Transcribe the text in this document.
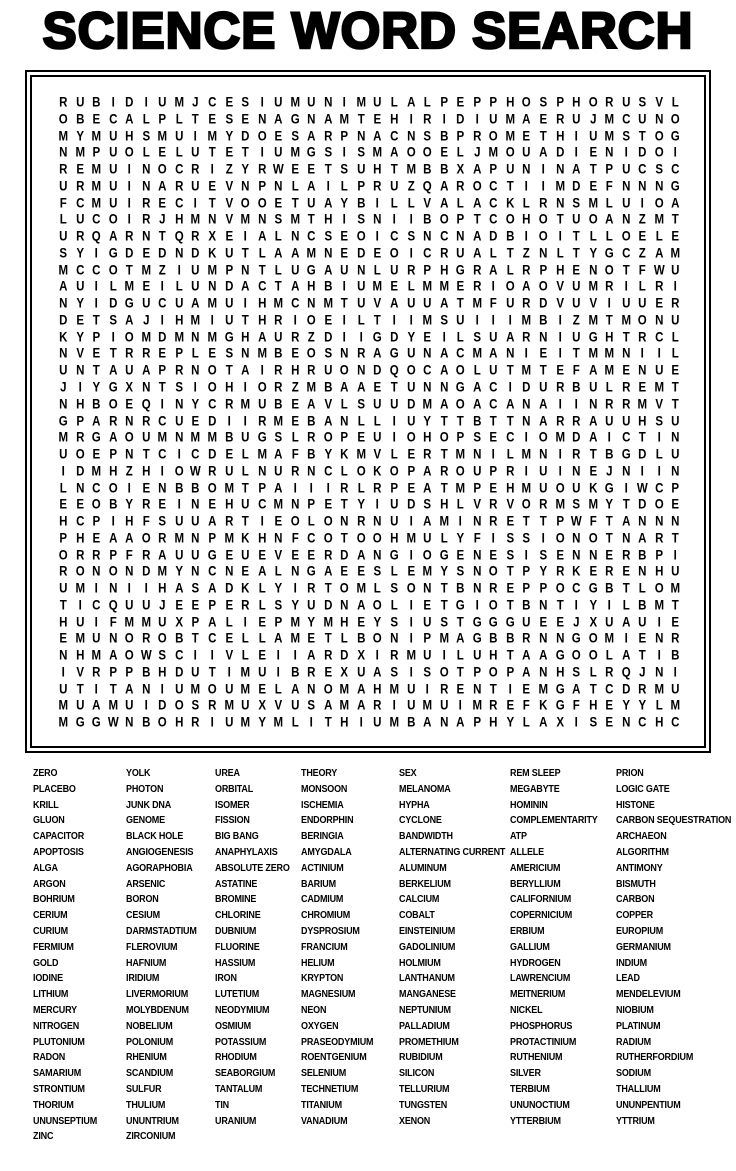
SCIENCE WORD SEARCH
R U B I D I U M J C E S I U M U N I M U L A L P E P P H O S P H O R U S V L
O B E C A L P L T E S E N A G N A M T E H I R I D I U M A E R U J M C U N O
M Y M U H S M U I M Y D O E S A R P N A C N S B P R O M E T H I U M S T O G
N M P U O L E L U T E T I U M G S I S M A O O E L J M O U A D I E N I D O I
R E M U I N O C R I Z Y R W E E T S U H T M B B X A P U N I N A T P U C S C
U R M U I N A R U E V N P N L A I L P R U Z Q A R O C T I	I M D E F N N N G
F C M U I R E C I T V O O E T U A Y B I L L V A L A C K L R N S M L U I O A
L U C O I R J H M N V M N S M T H I S N I	I B O P T C O H O T U O A N Z M T
U R Q A R N T Q R X E I A L N C S E O I C S N C N A D B I O I T L L O E L E
S Y I G D E D N D K U T L A A M N E D E O I C R U A L T Z N L T Y G C Z A M
M C C O T M Z I U M P N T L U G A U N L U R P H G R A L R P H E N O T F W U
A U I L M E I L U N D A C T A H B I U M E L M M E R I O A O V U M R I L R I
N Y I D G U C U A M U I H M C N M T U V A U U A T M F U R D V U V I U U E R
D E T S A J I H M I U T H R I O E I L T I	I M S U I	I	I M B I Z M T M O N U
K Y P I O M D M N M G H A U R Z D I	I G D Y E I L S U A R N I U G H T R C L
N V E T R R E P L E S N M B E O S N R A G U N A C M A N I E I T M M N I	I L
U N T A U A P R N O T A I R H R U O N D Q O C A O L U T M T E F A M E N U E
J I Y G X N T S I O H I O R Z M B A A E T U N N G A C I D U R B U L R E M T
N H B O E Q I N Y C R M U B E A V L S U U D M A O A C A N A I	I N R R M V T
G P A R N R C U E D I	I R M E B A N L L I U Y T T B T T N A R R A U U H S U
M R G A O U M N M M B U G S L R O P E U I O H O P S E C I O M D A I C T I N
U O E P N T C I C D E L M A F B Y K M V L E R T M N I L M N I R T B G D L U
I D M H Z H I O W R U L N U R N C L O K O P A R O U P R I U I N E J N I	I N
L N C O I E N B B O M T P A I	I	I R L R P E A T M P E H M U O U K G I W C P
E E O B Y R E I N E H U C M N P E T Y I U D S H L V R V O R M S M Y T D O E
H C P I H F S U U A R T I E O L O N R N U I A M I N R E T T P W F T A N N N
P H E A A O R M N P M K H N F C O T O O H M U L Y F I S S I O N O T N A R T
O R R P F R A U U G E U E V E E R D A N G I O G E N E S I S E N N E R B P I
R O N O N D M Y N C N E A L N G A E E S L E M Y S N O T P Y R K E R E N H U
U M I N I	I H A S A D K L Y I R T O M L S O N T B N R E P P O C G B T L O M
T I C Q U U J E E P E R L S Y U D N A O L I E T G I O T B N T I Y I L B M T
H U I F M M U X P A L I E P M Y M H E Y S I U S T G G G U E E J X U A U I E
E M U N O R O B T C E L L A M E T L B O N I P M A G B B R N N G O M I E N R
N H M A O W S C I	I V L E I	I A R D X I R M U I L U H T A A G O O L A T I B
I V R P P B H D U T I M U I B R E X U A S I S O T P O P A N H S L R Q J N I
U T I T A N I U M O U M E L A N O M A H M U I R E N T I E M G A T C D R M U
M U A M U I D O S R M U X V U S A M A R I U M U I M R E F K G F H E Y Y L M
M G G W N B O H R I U M Y M L I T H I U M B A N A P H Y L A X I S E N C H C
ZERO
PLACEBO
KRILL
GLUON
CAPACITOR
APOPTOSIS
ALGA
ARGON
BOHRIUM
CERIUM
CURIUM
FERMIUM
GOLD
IODINE
LITHIUM
MERCURY
NITROGEN
PLUTONIUM
RADON
SAMARIUM
STRONTIUM
THORIUM
UNUNSEPTIUM
ZINC
YOLK
PHOTON
JUNK DNA
GENOME
BLACK HOLE
ANGIOGENESIS
AGORAPHOBIA
ARSENIC
BORON
CESIUM
DARMSTADTIUM
FLEROVIUM
HAFNIUM
IRIDIUM
LIVERMORIUM
MOLYBDENUM
NOBELIUM
POLONIUM
RHENIUM
SCANDIUM
SULFUR
THULIUM
UNUNTRIUM
ZIRCONIUM
UREA
ORBITAL
ISOMER
FISSION
BIG BANG
ANAPHYLAXIS
ABSOLUTE ZERO
ASTATINE
BROMINE
CHLORINE
DUBNIUM
FLUORINE
HASSIUM
IRON
LUTETIUM
NEODYMIUM
OSMIUM
POTASSIUM
RHODIUM
SEABORGIUM
TANTALUM
TIN
URANIUM
THEORY
MONSOON
ISCHEMIA
ENDORPHIN
BERINGIA
AMYGDALA
ACTINIUM
BARIUM
CADMIUM
CHROMIUM
DYSPROSIUM
FRANCIUM
HELIUM
KRYPTON
MAGNESIUM
NEON
OXYGEN
PRASEODYMIUM
ROENTGENIUM
SELENIUM
TECHNETIUM
TITANIUM
VANADIUM
SEX
MELANOMA
HYPHA
CYCLONE
BANDWIDTH
ALTERNATING CURRENT
ALUMINUM
BERKELIUM
CALCIUM
COBALT
EINSTEINIUM
GADOLINIUM
HOLMIUM
LANTHANUM
MANGANESE
NEPTUNIUM
PALLADIUM
PROMETHIUM
RUBIDIUM
SILICON
TELLURIUM
TUNGSTEN
XENON
REM SLEEP
MEGABYTE
HOMININ
COMPLEMENTARITY
ATP
ALLELE
AMERICIUM
BERYLLIUM
CALIFORNIUM
COPERNICIUM
ERBIUM
GALLIUM
HYDROGEN
LAWRENCIUM
MEITNERIUM
NICKEL
PHOSPHORUS
PROTACTINIUM
RUTHENIUM
SILVER
TERBIUM
UNUNOCTIUM
YTTERBIUM
PRION
LOGIC GATE
HISTONE
CARBON SEQUESTRATION
ARCHAEON
ALGORITHM
ANTIMONY
BISMUTH
CARBON
COPPER
EUROPIUM
GERMANIUM
INDIUM
LEAD
MENDELEVIUM
NIOBIUM
PLATINUM
RADIUM
RUTHERFORDIUM
SODIUM
THALLIUM
UNUNPENTIUM
YTTRIUM
